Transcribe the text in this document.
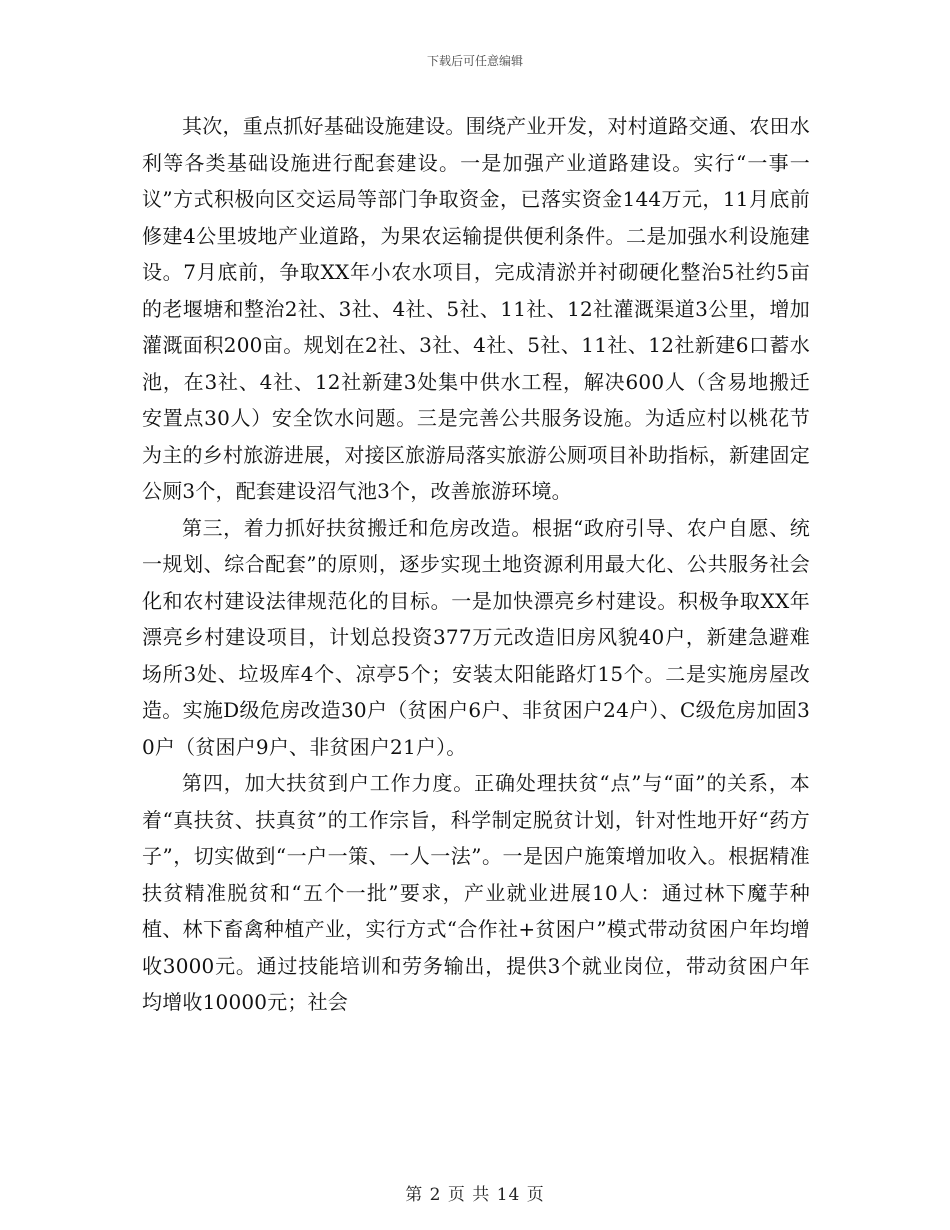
下载后可任意编辑

其次，重点抓好基础设施建设。围绕产业开发，对村道路交通、农田水利等各类基础设施进行配套建设。一是加强产业道路建设。实行“一事一议”方式积极向区交运局等部门争取资金，已落实资金144万元，11月底前修建4公里坡地产业道路，为果农运输提供便利条件。二是加强水利设施建设。7月底前，争取XX年小农水项目，完成清淤并衬砌硬化整治5社约5亩的老堰塘和整治2社、3社、4社、5社、11社、12社灌溉渠道3公里，增加灌溉面积200亩。规划在2社、3社、4社、5社、11社、12社新建6口蓄水池，在3社、4社、12社新建3处集中供水工程，解决600人（含易地搬迁安置点30人）安全饮水问题。三是完善公共服务设施。为适应村以桃花节为主的乡村旅游进展，对接区旅游局落实旅游公厕项目补助指标，新建固定公厕3个，配套建设沼气池3个，改善旅游环境。

第三，着力抓好扶贫搬迁和危房改造。根据“政府引导、农户自愿、统一规划、综合配套”的原则，逐步实现土地资源利用最大化、公共服务社会化和农村建设法律规范化的目标。一是加快漂亮乡村建设。积极争取XX年漂亮乡村建设项目，计划总投资377万元改造旧房风貌40户，新建急避难场所3处、垃圾库4个、凉亭5个；安装太阳能路灯15个。二是实施房屋改造。实施D级危房改造30户（贫困户6户、非贫困户24户）、C级危房加固30户（贫困户9户、非贫困户21户）。

第四，加大扶贫到户工作力度。正确处理扶贫“点”与“面”的关系，本着“真扶贫、扶真贫”的工作宗旨，科学制定脱贫计划，针对性地开好“药方子”，切实做到“一户一策、一人一法”。一是因户施策增加收入。根据精准扶贫精准脱贫和“五个一批”要求，产业就业进展10人：通过林下魔芋种植、林下畜禽种植产业，实行方式“合作社+贫困户”模式带动贫困户年均增收3000元。通过技能培训和劳务输出，提供3个就业岗位，带动贫困户年均增收10000元；社会

第 2 页 共 14 页
